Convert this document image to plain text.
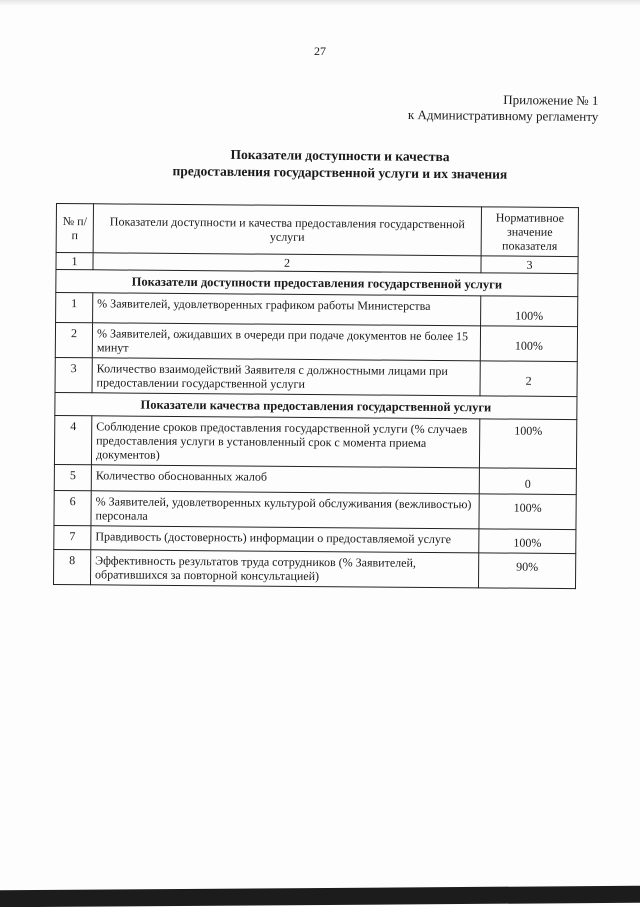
27
Приложение № 1
к Административному регламенту
Показатели доступности и качества
предоставления государственной услуги и их значения
№ п/п	Показатели доступности и качества предоставления государственной услуги	Нормативное значение показателя
1	2	3
Показатели доступности предоставления государственной услуги		
1	% Заявителей, удовлетворенных графиком работы Министерства	100%
2	% Заявителей, ожидавших в очереди при подаче документов не более 15 минут	100%
3	Количество взаимодействий Заявителя с должностными лицами при предоставлении государственной услуги	2
Показатели качества предоставления государственной услуги		
4	Соблюдение сроков предоставления государственной услуги (% случаев предоставления услуги в установленный срок с момента приема документов)	100%
5	Количество обоснованных жалоб	0
6	% Заявителей, удовлетворенных культурой обслуживания (вежливостью) персонала	100%
7	Правдивость (достоверность) информации о предоставляемой услуге	100%
8	Эффективность результатов труда сотрудников (% Заявителей, обратившихся за повторной консультацией)	90%
